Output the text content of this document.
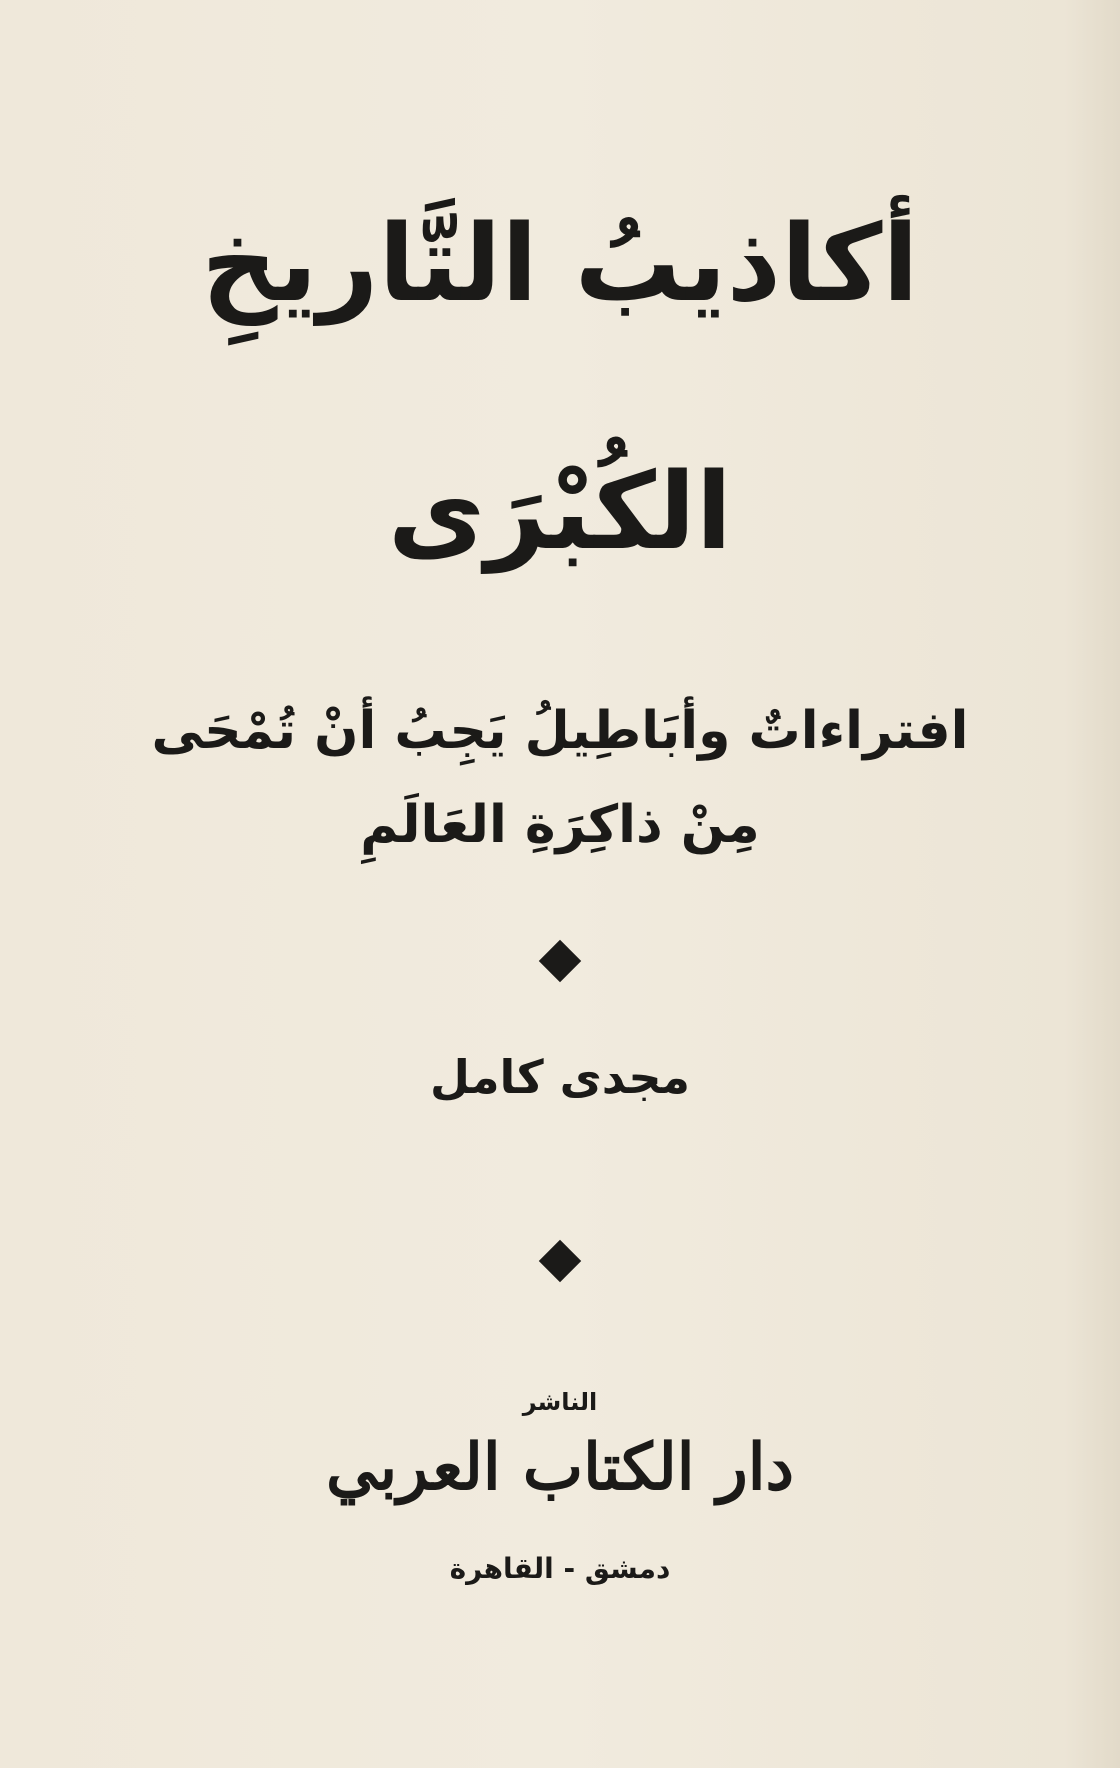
أكاذيبُ التَّاريخِ
الكُبْرَى
افتراءاتٌ وأبَاطِيلُ يَجِبُ أنْ تُمْحَى
مِنْ ذاكِرَةِ العَالَمِ
مجدى كامل
الناشر
دار الكتاب العربي
دمشق - القاهرة
